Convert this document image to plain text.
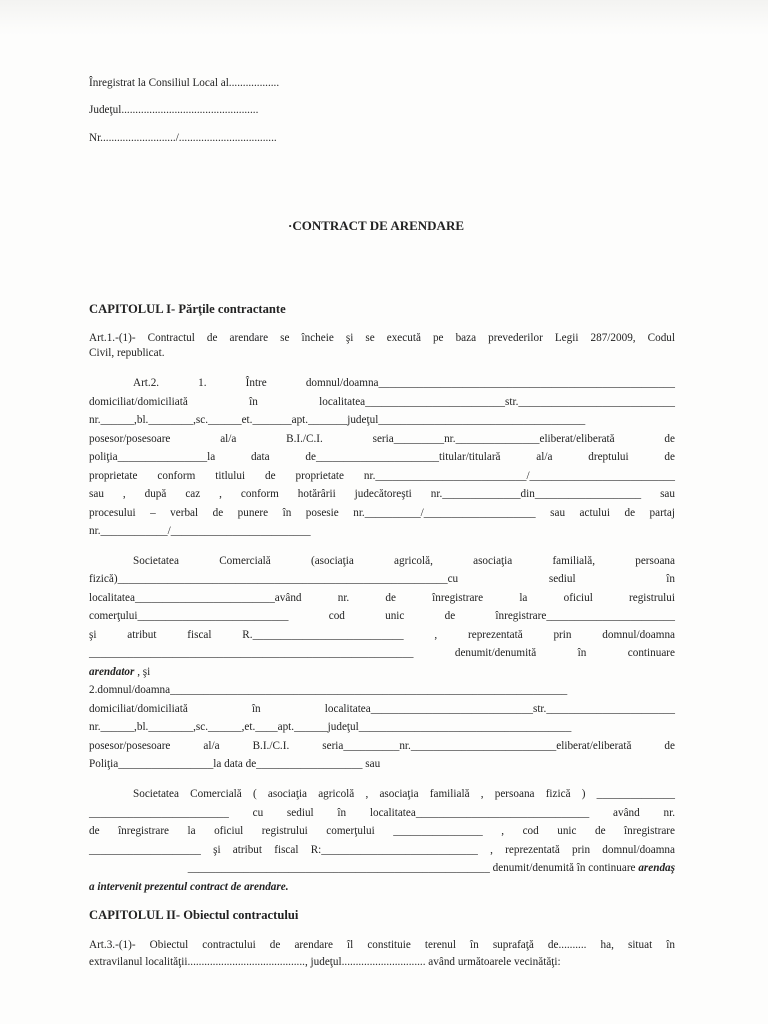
Înregistrat la Consiliul Local al..................
Judeţul.................................................
Nr.........................../...................................
·CONTRACT DE ARENDARE
CAPITOLUL I- Părţile contractante
Art.1.-(1)- Contractul de arendare se încheie şi se execută pe baza prevederilor Legii 287/2009, Codul
Civil, republicat.
Art.2. 1. Între domnul/doamna_____________________________________________________
domiciliat/domiciliată în localitatea_________________________str.____________________________
nr.______,bl.________,sc.______et._______apt._______judeţul_____________________________________
posesor/posesoare al/a B.I./C.I. seria_________nr._______________eliberat/eliberată de
poliţia________________la data de______________________titular/titulară al/a dreptului de
proprietate conform titlului de proprietate nr.___________________________/__________________________
sau , după caz , conform hotărârii judecătoreşti nr.______________din___________________ sau
procesului – verbal de punere în posesie nr.__________/____________________ sau actului de partaj
nr.____________/_________________________
Societatea Comercială (asociaţia agricolă, asociaţia familială, persoana
fizică)___________________________________________________________cu sediul în
localitatea_________________________având nr. de înregistrare la oficiul registrului
comerţului___________________________ cod unic de înregistrare_______________________
şi atribut fiscal R.___________________________ , reprezentată prin domnul/doamna
__________________________________________________________ denumit/denumită în continuare
arendator , şi
2.domnul/doamna_______________________________________________________________________
domiciliat/domiciliată în localitatea_____________________________str._______________________
nr.______,bl.________,sc.______,et.____apt.______judeţul______________________________________
posesor/posesoare al/a B.I./C.I. seria__________nr.__________________________eliberat/eliberată de
Poliţia_________________la data de___________________ sau
Societatea Comercială ( asociaţia agricolă , asociaţia familială , persoana fizică ) ______________
_________________________ cu sediul în localitatea_______________________________ având nr.
de înregistrare la oficiul registrului comerţului ________________ , cod unic de înregistrare
____________________ şi atribut fiscal R:____________________________ , reprezentată prin domnul/doamna
______________________________________________________ denumit/denumită în continuare arendaş
a intervenit prezentul contract de arendare.
CAPITOLUL II- Obiectul contractului
Art.3.-(1)- Obiectul contractului de arendare îl constituie terenul în suprafaţă de.......... ha, situat în
extravilanul localităţii.........................................., judeţul.............................. având următoarele vecinătăţi:
